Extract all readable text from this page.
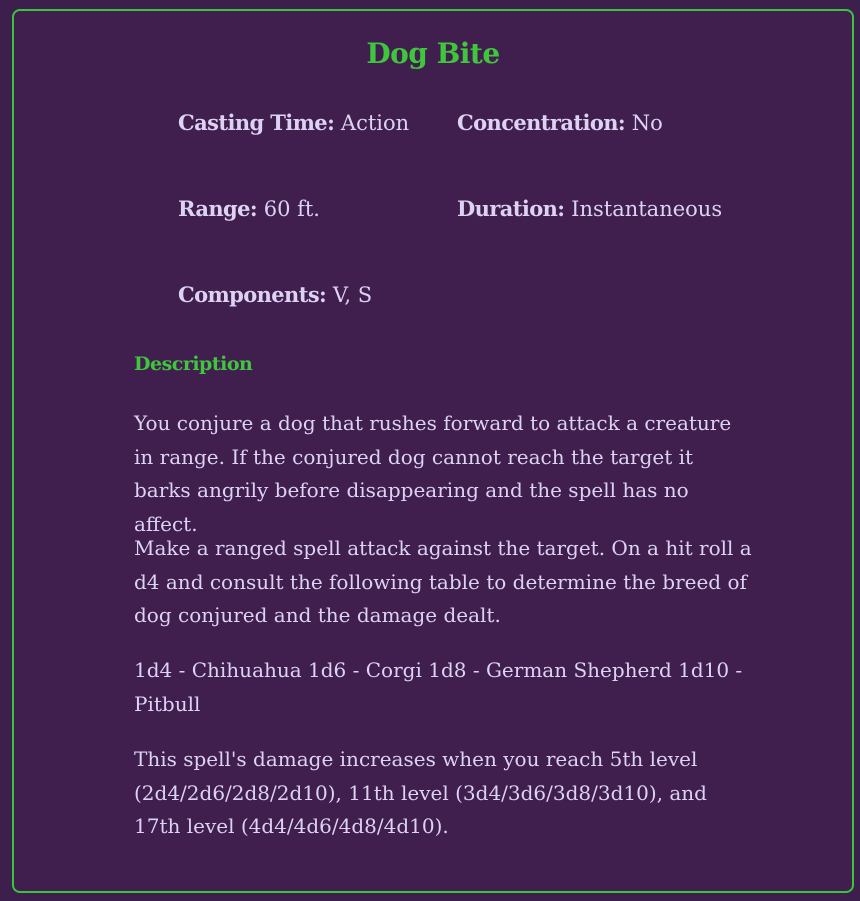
Dog Bite
Casting Time: Action Concentration: No
Range: 60 ft.	Duration: Instantaneous
Components: V, S
Description

You conjure a dog that rushes forward to attack a creature in range. If the conjured dog cannot reach the target it barks angrily before disappearing and the spell has no affect.

Make a ranged spell attack against the target. On a hit roll a d4 and consult the following table to determine the breed of dog conjured and the damage dealt.

1d4 - Chihuahua 1d6 - Corgi 1d8 - German Shepherd 1d10 - Pitbull

This spell's damage increases when you reach 5th level (2d4/2d6/2d8/2d10), 11th level (3d4/3d6/3d8/3d10), and 17th level (4d4/4d6/4d8/4d10).
